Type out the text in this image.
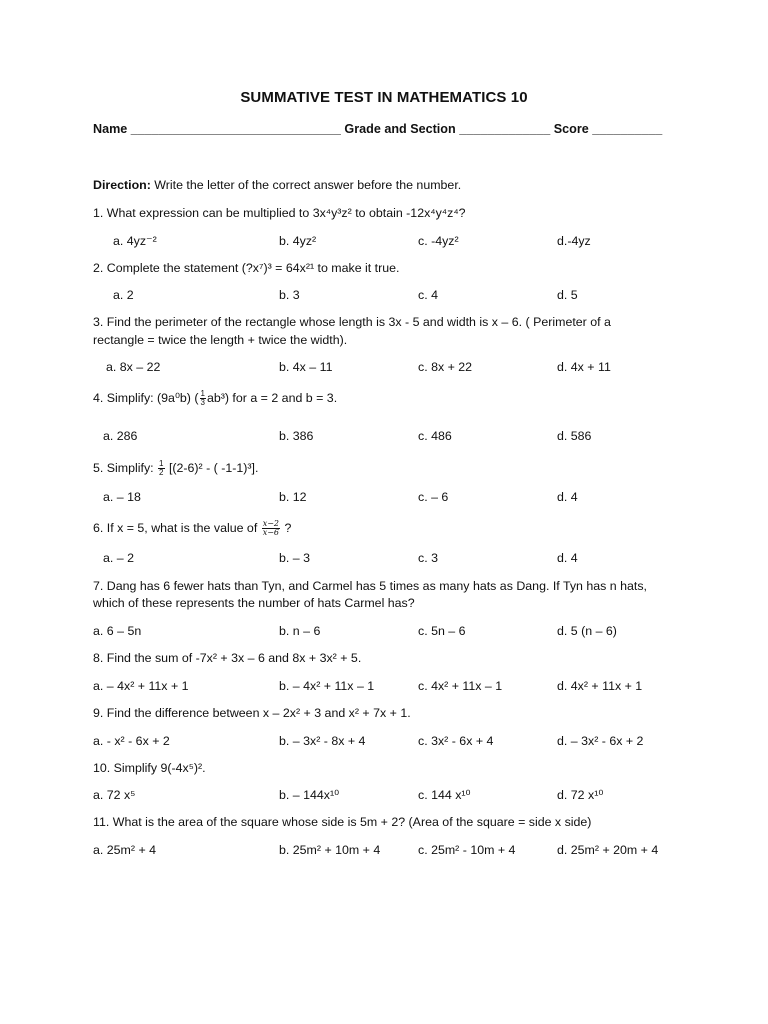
SUMMATIVE TEST IN MATHEMATICS 10
Name ______________________________ Grade and Section _____________ Score __________
Direction: Write the letter of the correct answer before the number.
1. What expression can be multiplied to 3x⁴y³z² to obtain -12x⁴y⁴z⁴?
a. 4yz⁻²	b. 4yz²	c. -4yz²	d.-4yz
2. Complete the statement (?x⁷)³ = 64x²¹ to make it true.
a. 2	b. 3	c. 4	d. 5
3. Find the perimeter of the rectangle whose length is 3x - 5 and width is x – 6. ( Perimeter of a
rectangle = twice the length + twice the width).
a. 8x – 22	b. 4x – 11	c. 8x + 22	d. 4x + 11
4. Simplify: (9a⁰b) ( $\frac{1}{3} ab^3$) for a = 2 and b = 3.
a. 286	b. 386	c. 486	d. 586
5. Simplify: $\frac{1}{2} [(2-6)^2$ - ( -1-1)³].
a. – 18	b. 12	c. – 6	d. 4
6. If x = 5, what is the value of $\frac{x-2}{x-6}$ ?
a. – 2	b. – 3	c. 3	d. 4
7. Dang has 6 fewer hats than Tyn, and Carmel has 5 times as many hats as Dang. If Tyn has n hats,
which of these represents the number of hats Carmel has?
a. 6 – 5n	b. n – 6	c. 5n – 6	d. 5 (n – 6)
8. Find the sum of -7x² + 3x – 6 and 8x + 3x² + 5.
a. – 4x² + 11x + 1	b. – 4x² + 11x – 1	c. 4x² + 11x – 1	d. 4x² + 11x + 1
9. Find the difference between x – 2x² + 3 and x² + 7x + 1.
a. - x² - 6x + 2	b. – 3x² - 8x + 4	c. 3x² - 6x + 4	d. – 3x² - 6x + 2
10. Simplify 9(-4x⁵)².
a. 72 x⁵	b. – 144x¹⁰	c. 144 x¹⁰	d. 72 x¹⁰
11. What is the area of the square whose side is 5m + 2? (Area of the square = side x side)
a. 25m² + 4	b. 25m² + 10m + 4	c. 25m² - 10m + 4	d. 25m² + 20m + 4
